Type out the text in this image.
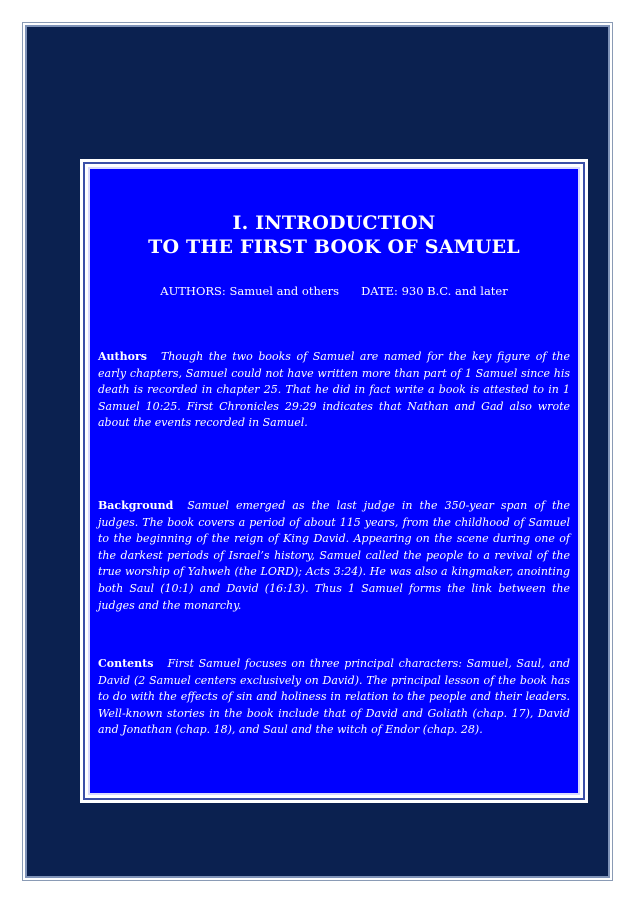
I. INTRODUCTION
TO THE FIRST BOOK OF SAMUEL
AUTHORS: Samuel and others DATE: 930 B.C. and later
Authors Though the two books of Samuel are named for the key figure of the early chapters, Samuel could not have written more than part of 1 Samuel since his death is recorded in chapter 25. That he did in fact write a book is attested to in 1 Samuel 10:25. First Chronicles 29:29 indicates that Nathan and Gad also wrote about the events recorded in Samuel.
Background Samuel emerged as the last judge in the 350-year span of the judges. The book covers a period of about 115 years, from the childhood of Samuel to the beginning of the reign of King David. Appearing on the scene during one of the darkest periods of Israel’s history, Samuel called the people to a revival of the true worship of Yahweh (the LORD); Acts 3:24). He was also a kingmaker, anointing both Saul (10:1) and David (16:13). Thus 1 Samuel forms the link between the judges and the monarchy.
Contents First Samuel focuses on three principal characters: Samuel, Saul, and David (2 Samuel centers exclusively on David). The principal lesson of the book has to do with the effects of sin and holiness in relation to the people and their leaders. Well-known stories in the book include that of David and Goliath (chap. 17), David and Jonathan (chap. 18), and Saul and the witch of Endor (chap. 28).
